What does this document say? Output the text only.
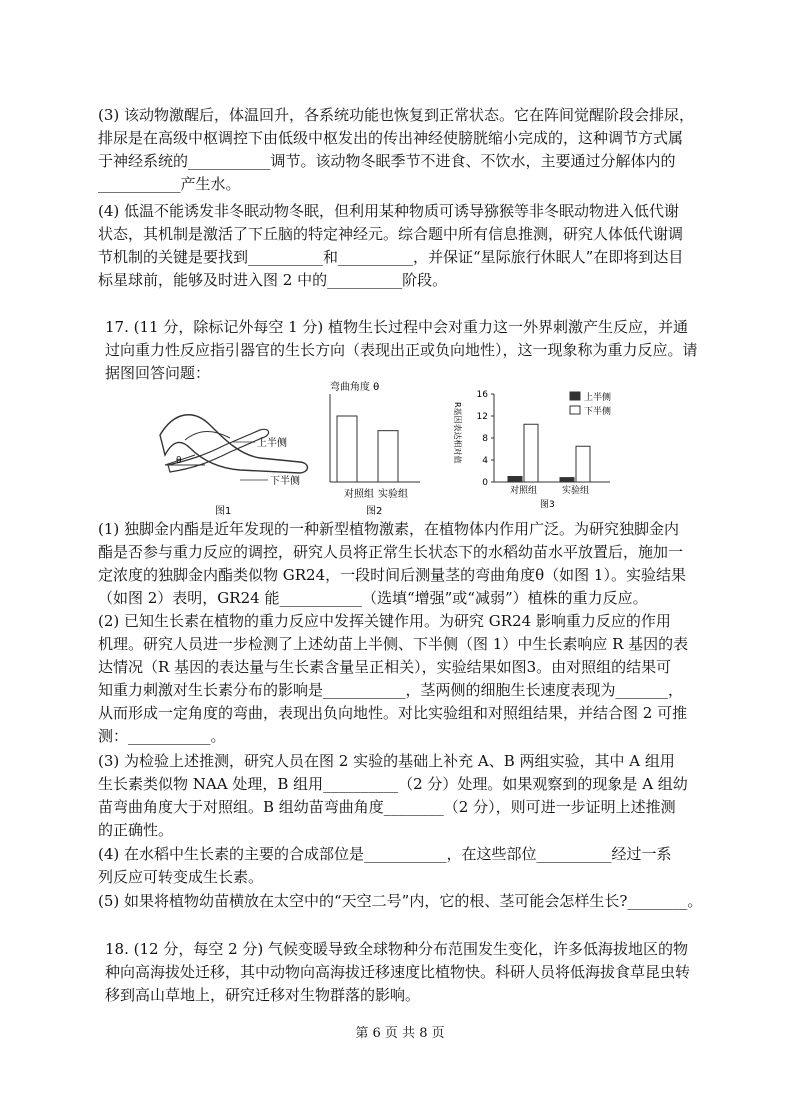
(3) 该动物激醒后，体温回升，各系统功能也恢复到正常状态。它在阵间觉醒阶段会排尿，
排尿是在高级中枢调控下由低级中枢发出的传出神经使膀胱缩小完成的，这种调节方式属
于神经系统的___________调节。该动物冬眠季节不进食、不饮水，主要通过分解体内的
___________产生水。
(4) 低温不能诱发非冬眠动物冬眠，但利用某种物质可诱导猕猴等非冬眠动物进入低代谢
状态，其机制是激活了下丘脑的特定神经元。综合题中所有信息推测，研究人体低代谢调
节机制的关键是要找到__________和__________，并保证“星际旅行休眠人”在即将到达目
标星球前，能够及时进入图 2 中的__________阶段。
17. (11 分，除标记外每空 1 分) 植物生长过程中会对重力这一外界刺激产生反应，并通
过向重力性反应指引器官的生长方向（表现出正或负向地性），这一现象称为重力反应。请
据图回答问题：
θ
上半侧
下半侧
图1
弯曲角度 θ
对照组 实验组
图2
R基因表达相对值
0
4
8
12
16	上半侧
下半侧
对照组	实验组
图3
(1) 独脚金内酯是近年发现的一种新型植物激素，在植物体内作用广泛。为研究独脚金内
酯是否参与重力反应的调控，研究人员将正常生长状态下的水稻幼苗水平放置后，施加一
定浓度的独脚金内酯类似物 GR24，一段时间后测量茎的弯曲角度θ（如图 1）。实验结果
（如图 2）表明，GR24 能___________（选填“增强”或“减弱”）植株的重力反应。
(2) 已知生长素在植物的重力反应中发挥关键作用。为研究 GR24 影响重力反应的作用
机理。研究人员进一步检测了上述幼苗上半侧、下半侧（图 1）中生长素响应 R 基因的表
达情况（R 基因的表达量与生长素含量呈正相关），实验结果如图3。由对照组的结果可
知重力刺激对生长素分布的影响是___________，茎两侧的细胞生长速度表现为_______，
从而形成一定角度的弯曲，表现出负向地性。对比实验组和对照组结果，并结合图 2 可推
测：___________。
(3) 为检验上述推测，研究人员在图 2 实验的基础上补充 A、B 两组实验，其中 A 组用
生长素类似物 NAA 处理，B 组用__________（2 分）处理。如果观察到的现象是 A 组幼
苗弯曲角度大于对照组。B 组幼苗弯曲角度________（2 分），则可进一步证明上述推测
的正确性。
(4) 在水稻中生长素的主要的合成部位是___________，在这些部位__________经过一系
列反应可转变成生长素。
(5) 如果将植物幼苗横放在太空中的“天空二号”内，它的根、茎可能会怎样生长?________。
18. (12 分，每空 2 分) 气候变暖导致全球物种分布范围发生变化，许多低海拔地区的物
种向高海拔处迁移，其中动物向高海拔迁移速度比植物快。科研人员将低海拔食草昆虫转
移到高山草地上，研究迁移对生物群落的影响。
第 6 页 共 8 页
